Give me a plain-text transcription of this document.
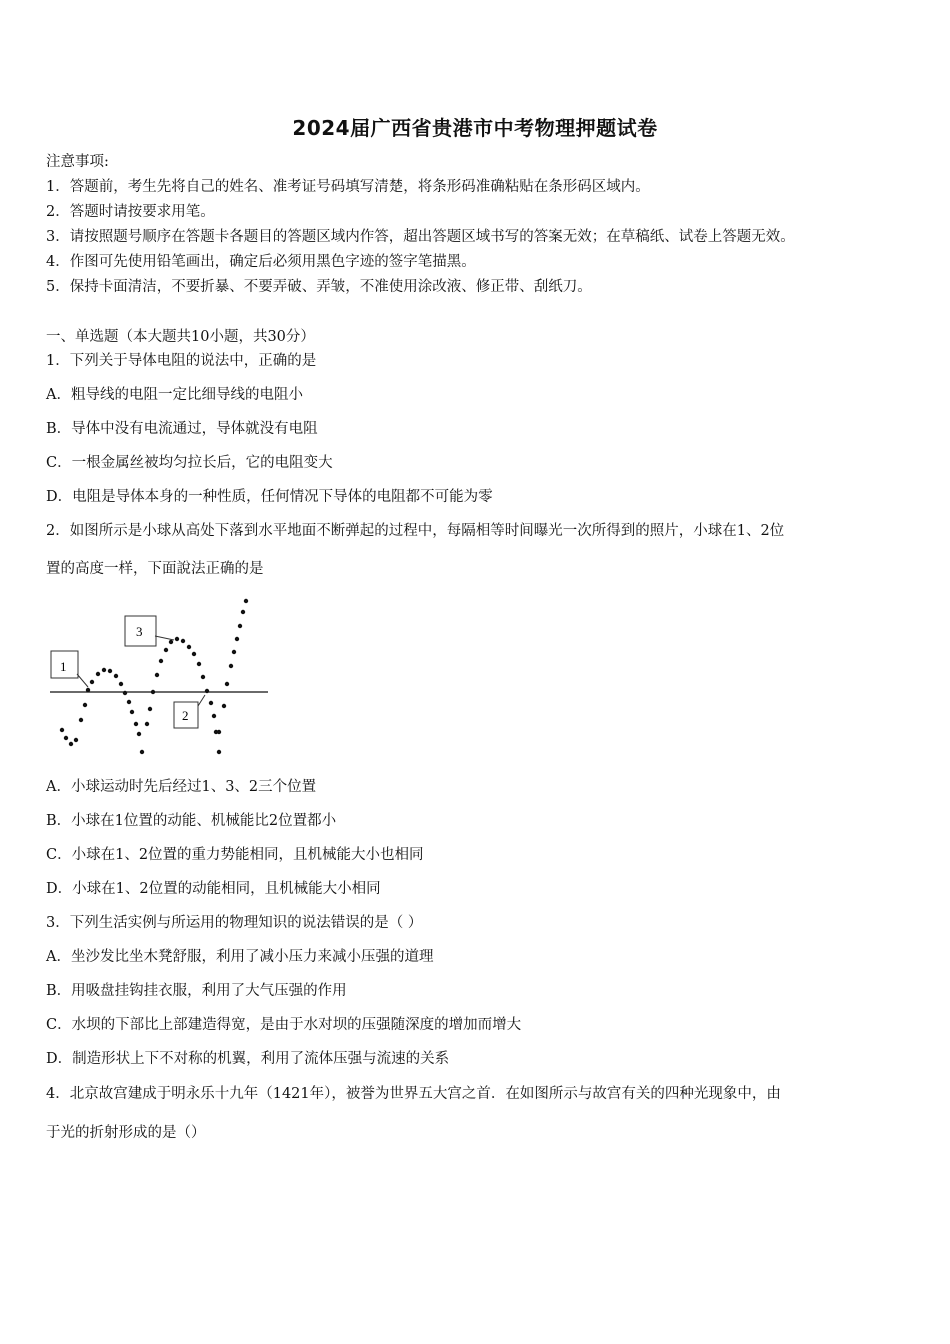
2024届广西省贵港市中考物理押题试卷
注意事项:
1．答题前，考生先将自己的姓名、准考证号码填写清楚，将条形码准确粘贴在条形码区域内。
2．答题时请按要求用笔。
3．请按照题号顺序在答题卡各题目的答题区域内作答，超出答题区域书写的答案无效；在草稿纸、试卷上答题无效。
4．作图可先使用铅笔画出，确定后必须用黑色字迹的签字笔描黑。
5．保持卡面清洁，不要折暴、不要弄破、弄皱，不准使用涂改液、修正带、刮纸刀。
一、单选题（本大题共10小题，共30分）
1．下列关于导体电阻的说法中，正确的是
A．粗导线的电阻一定比细导线的电阻小
B．导体中没有电流通过，导体就没有电阻
C．一根金属丝被均匀拉长后，它的电阻变大
D．电阻是导体本身的一种性质，任何情况下导体的电阻都不可能为零
2．如图所示是小球从高处下落到水平地面不断弹起的过程中，每隔相等时间曝光一次所得到的照片，小球在1、2位
置的高度一样，下面說法正确的是
1
3
2
A．小球运动时先后经过1、3、2三个位置
B．小球在1位置的动能、机械能比2位置都小
C．小球在1、2位置的重力势能相同，且机械能大小也相同
D．小球在1、2位置的动能相同，且机械能大小相同
3．下列生活实例与所运用的物理知识的说法错误的是（ ）
A．坐沙发比坐木凳舒服，利用了减小压力来减小压强的道理
B．用吸盘挂钩挂衣服，利用了大气压强的作用
C．水坝的下部比上部建造得宽，是由于水对坝的压强随深度的增加而增大
D．制造形状上下不对称的机翼，利用了流体压强与流速的关系
4．北京故宫建成于明永乐十九年（1421年），被誉为世界五大宫之首．在如图所示与故宫有关的四种光现象中，由
于光的折射形成的是（）
